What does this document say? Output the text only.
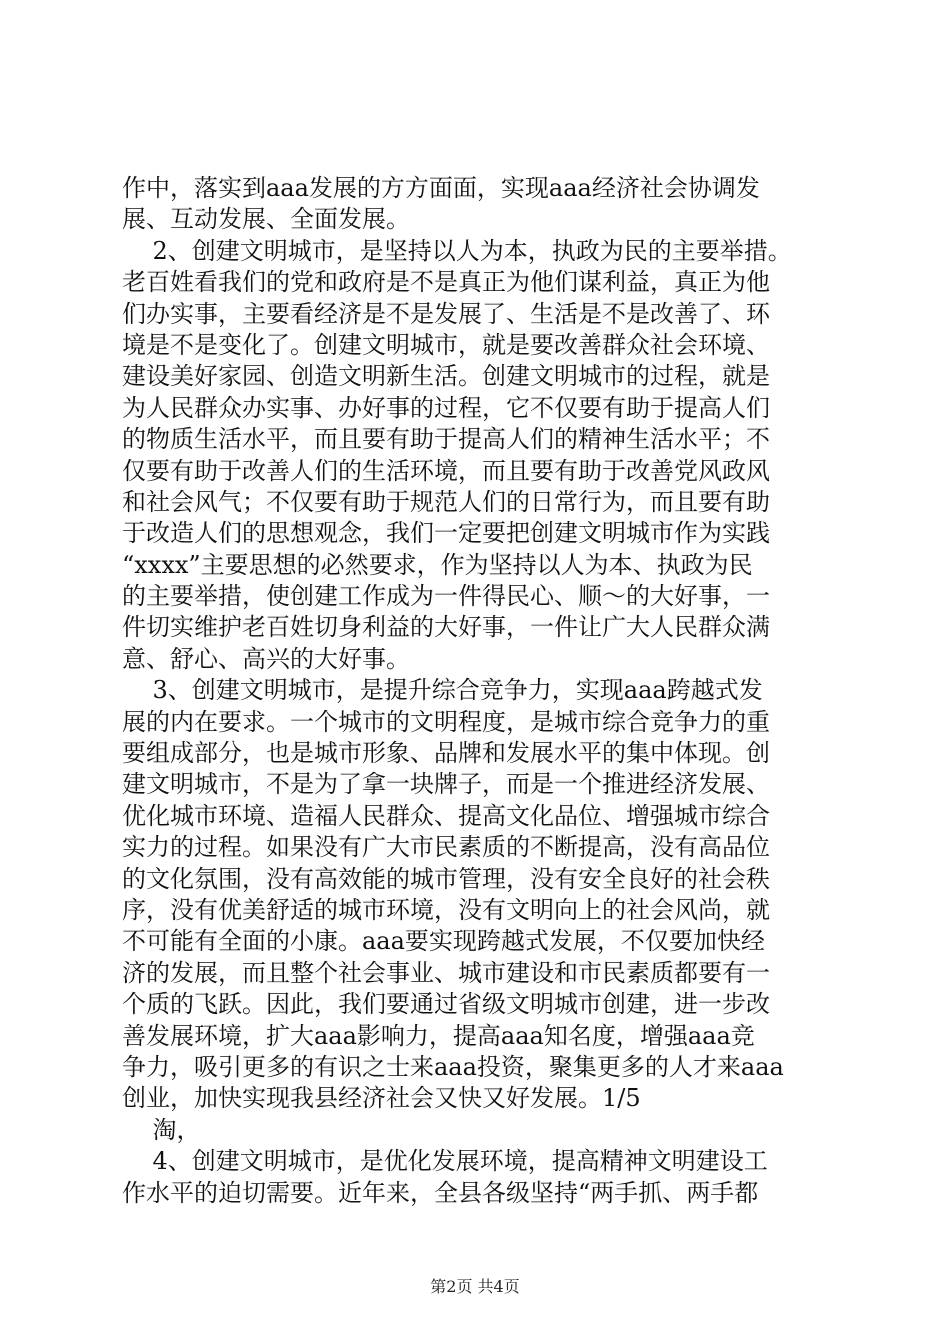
作中，落实到aaa发展的方方面面，实现aaa经济社会协调发
展、互动发展、全面发展。
2、创建文明城市，是坚持以人为本，执政为民的主要举措。
老百姓看我们的党和政府是不是真正为他们谋利益，真正为他
们办实事，主要看经济是不是发展了、生活是不是改善了、环
境是不是变化了。创建文明城市，就是要改善群众社会环境、
建设美好家园、创造文明新生活。创建文明城市的过程，就是
为人民群众办实事、办好事的过程，它不仅要有助于提高人们
的物质生活水平，而且要有助于提高人们的精神生活水平；不
仅要有助于改善人们的生活环境，而且要有助于改善党风政风
和社会风气；不仅要有助于规范人们的日常行为，而且要有助
于改造人们的思想观念，我们一定要把创建文明城市作为实践
“xxxx”主要思想的必然要求，作为坚持以人为本、执政为民
的主要举措，使创建工作成为一件得民心、顺～的大好事，一
件切实维护老百姓切身利益的大好事，一件让广大人民群众满
意、舒心、高兴的大好事。
3、创建文明城市，是提升综合竞争力，实现aaa跨越式发
展的内在要求。一个城市的文明程度，是城市综合竞争力的重
要组成部分，也是城市形象、品牌和发展水平的集中体现。创
建文明城市，不是为了拿一块牌子，而是一个推进经济发展、
优化城市环境、造福人民群众、提高文化品位、增强城市综合
实力的过程。如果没有广大市民素质的不断提高，没有高品位
的文化氛围，没有高效能的城市管理，没有安全良好的社会秩
序，没有优美舒适的城市环境，没有文明向上的社会风尚，就
不可能有全面的小康。aaa要实现跨越式发展，不仅要加快经
济的发展，而且整个社会事业、城市建设和市民素质都要有一
个质的飞跃。因此，我们要通过省级文明城市创建，进一步改
善发展环境，扩大aaa影响力，提高aaa知名度，增强aaa竞
争力，吸引更多的有识之士来aaa投资，聚集更多的人才来aaa
创业，加快实现我县经济社会又快又好发展。1/5
淘，
4、创建文明城市，是优化发展环境，提高精神文明建设工
作水平的迫切需要。近年来，全县各级坚持“两手抓、两手都
第2页 共4页
